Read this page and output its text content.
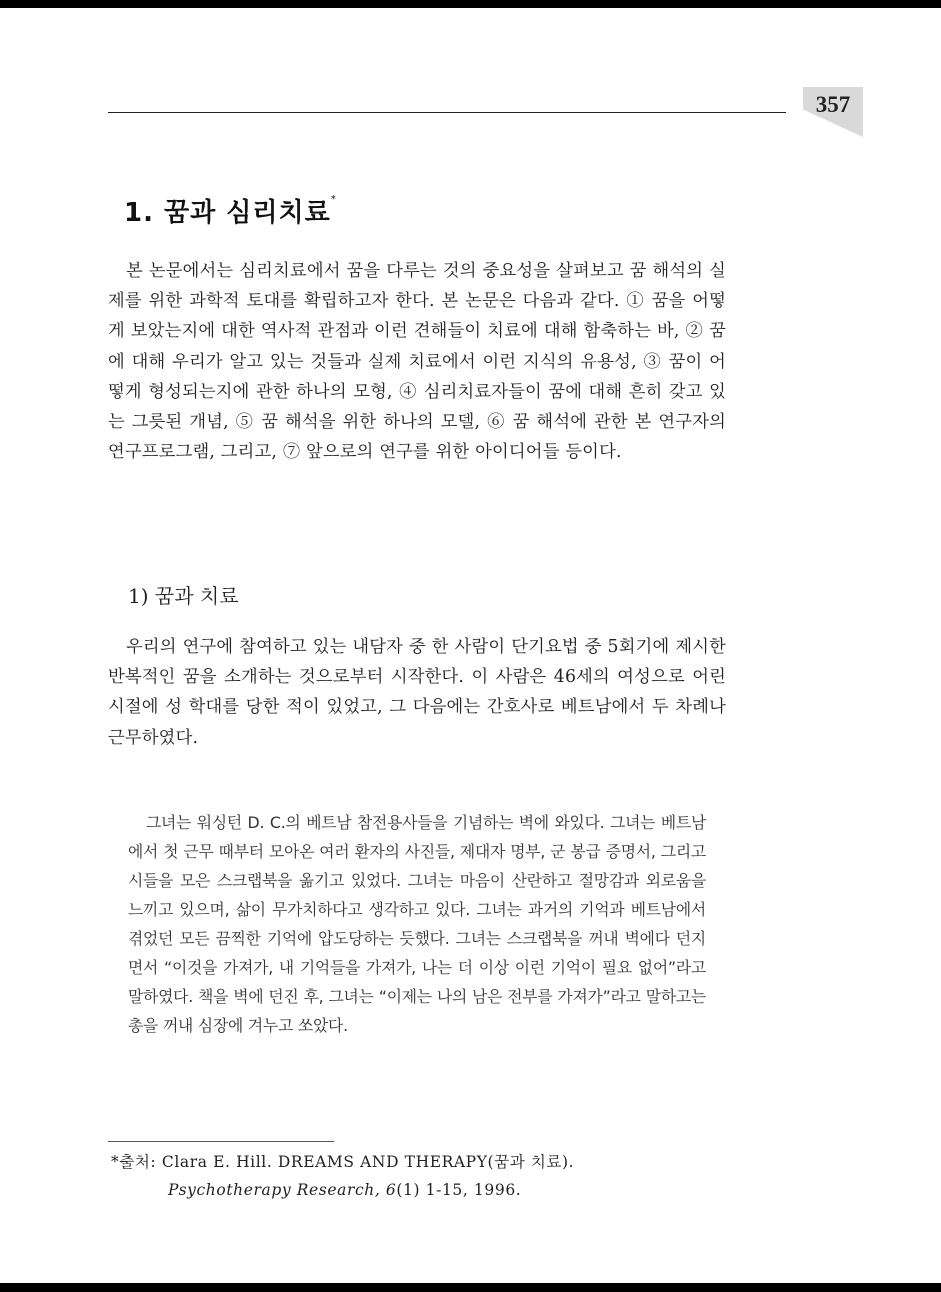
357
1. 꿈과 심리치료*

본 논문에서는 심리치료에서 꿈을 다루는 것의 중요성을 살펴보고 꿈 해석의 실제를 위한 과학적 토대를 확립하고자 한다. 본 논문은 다음과 같다. ① 꿈을 어떻게 보았는지에 대한 역사적 관점과 이런 견해들이 치료에 대해 함축하는 바, ② 꿈에 대해 우리가 알고 있는 것들과 실제 치료에서 이런 지식의 유용성, ③ 꿈이 어떻게 형성되는지에 관한 하나의 모형, ④ 심리치료자들이 꿈에 대해 흔히 갖고 있는 그릇된 개념, ⑤ 꿈 해석을 위한 하나의 모델, ⑥ 꿈 해석에 관한 본 연구자의 연구프로그램, 그리고, ⑦ 앞으로의 연구를 위한 아이디어들 등이다.

1) 꿈과 치료

우리의 연구에 참여하고 있는 내담자 중 한 사람이 단기요법 중 5회기에 제시한 반복적인 꿈을 소개하는 것으로부터 시작한다. 이 사람은 46세의 여성으로 어린 시절에 성 학대를 당한 적이 있었고, 그 다음에는 간호사로 베트남에서 두 차례나 근무하였다.

그녀는 워싱턴 D. C.의 베트남 참전용사들을 기념하는 벽에 와있다. 그녀는 베트남에서 첫 근무 때부터 모아온 여러 환자의 사진들, 제대자 명부, 군 봉급 증명서, 그리고 시들을 모은 스크랩북을 옮기고 있었다. 그녀는 마음이 산란하고 절망감과 외로움을 느끼고 있으며, 삶이 무가치하다고 생각하고 있다. 그녀는 과거의 기억과 베트남에서 겪었던 모든 끔찍한 기억에 압도당하는 듯했다. 그녀는 스크랩북을 꺼내 벽에다 던지면서 “이것을 가져가, 내 기억들을 가져가, 나는 더 이상 이런 기억이 필요 없어”라고 말하였다. 책을 벽에 던진 후, 그녀는 “이제는 나의 남은 전부를 가져가”라고 말하고는 총을 꺼내 심장에 겨누고 쏘았다.

*출처: Clara E. Hill. DREAMS AND THERAPY(꿈과 치료).
Psychotherapy Research, 6(1) 1-15, 1996.
